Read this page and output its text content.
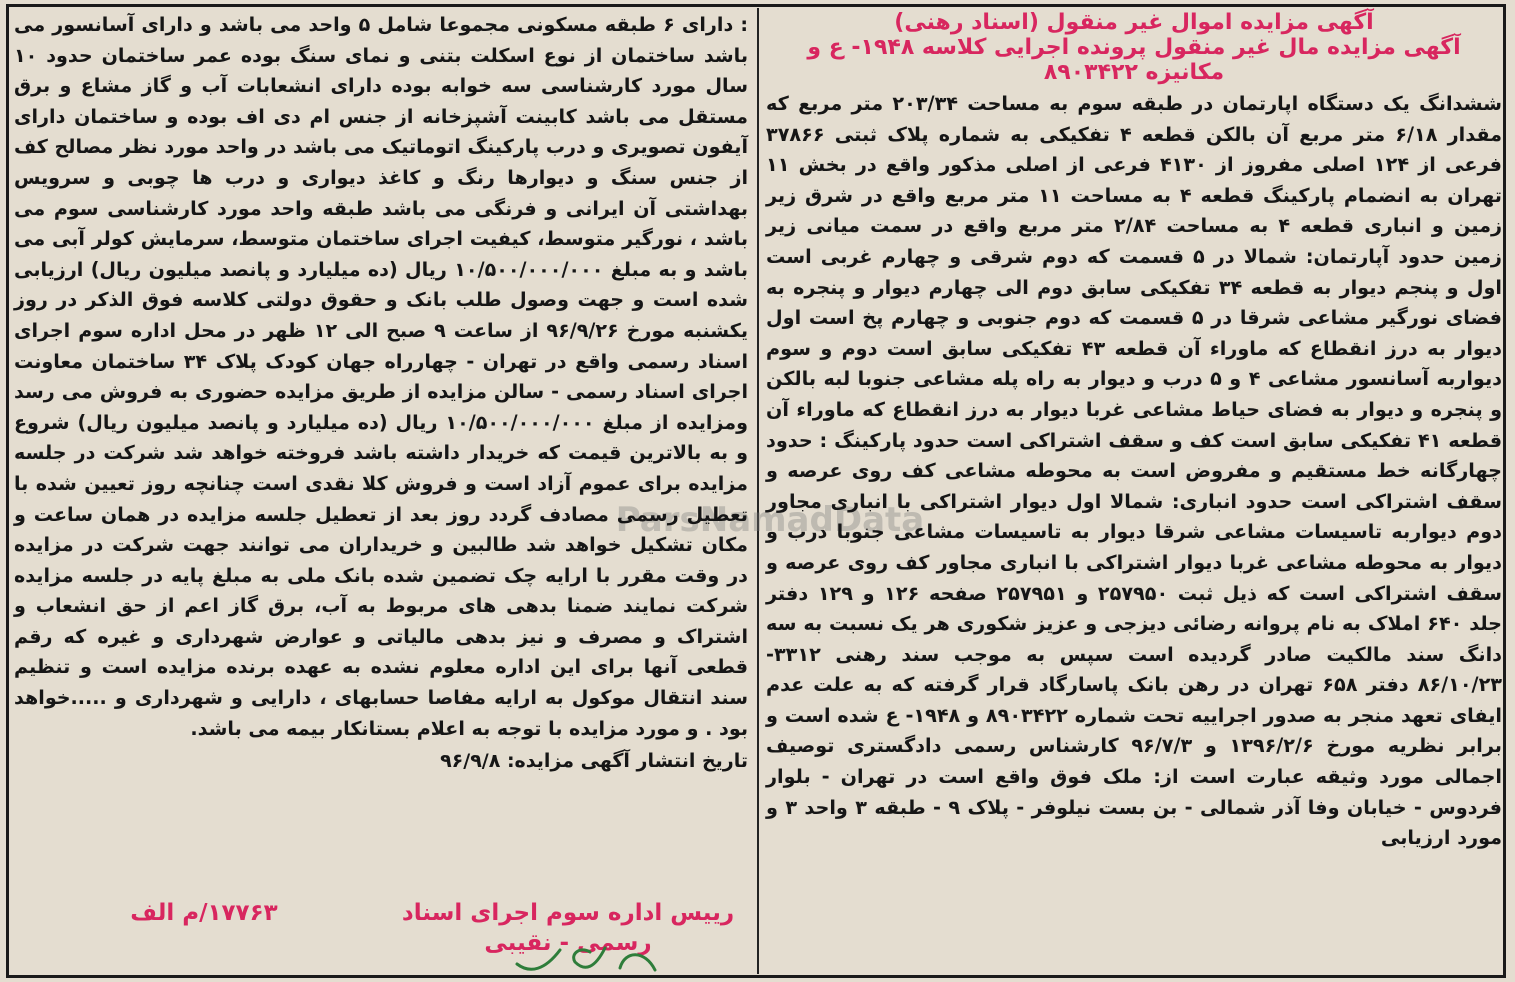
ParsNamadData

آگهی مزایده اموال غیر منقول (اسناد رهنی)

آگهی مزایده مال غیر منقول پرونده اجرایی کلاسه ۱۹۴۸- ع و

مکانیزه ۸۹۰۳۴۲۲

ششدانگ یک دستگاه اپارتمان در طبقه سوم به مساحت ۲۰۳/۳۴ متر مربع که مقدار ۶/۱۸ متر مربع آن بالکن قطعه ۴ تفکیکی به شماره پلاک ثبتی ۳۷۸۶۶ فرعی از ۱۲۴ اصلی مفروز از ۴۱۳۰ فرعی از اصلی مذکور واقع در بخش ۱۱ تهران به انضمام پارکینگ قطعه ۴ به مساحت ۱۱ متر مربع واقع در شرق زیر زمین و انباری قطعه ۴ به مساحت ۲/۸۴ متر مربع واقع در سمت میانی زیر زمین حدود آپارتمان: شمالا در ۵ قسمت که دوم شرقی و چهارم غربی است اول و پنجم دیوار به قطعه ۳۴ تفکیکی سابق دوم الی چهارم دیوار و پنجره به فضای نورگیر مشاعی شرقا در ۵ قسمت که دوم جنوبی و چهارم پخ است اول دیوار به درز انقطاع که ماوراء آن قطعه ۴۳ تفکیکی سابق است دوم و سوم دیواربه آسانسور مشاعی ۴ و ۵ درب و دیوار به راه پله مشاعی جنوبا لبه بالکن و پنجره و دیوار به فضای حیاط مشاعی غربا دیوار به درز انقطاع که ماوراء آن قطعه ۴۱ تفکیکی سابق است کف و سقف اشتراکی است حدود پارکینگ : حدود چهارگانه خط مستقیم و مفروض است به محوطه مشاعی کف روی عرصه و سقف اشتراکی است حدود انباری: شمالا اول دیوار اشتراکی با انباری مجاور دوم دیواربه تاسیسات مشاعی شرقا دیوار به تاسیسات مشاعی جنوبا درب و دیوار به محوطه مشاعی غربا دیوار اشتراکی با انباری مجاور کف روی عرصه و سقف اشتراکی است که ذیل ثبت ۲۵۷۹۵۰ و ۲۵۷۹۵۱ صفحه ۱۲۶ و ۱۲۹ دفتر جلد ۶۴۰ املاک به نام پروانه رضائی دیزجی و عزیز شکوری هر یک نسبت به سه دانگ سند مالکیت صادر گردیده است سپس به موجب سند رهنی ۳۳۱۲- ۸۶/۱۰/۲۳ دفتر ۶۵۸ تهران در رهن بانک پاسارگاد قرار گرفته که به علت عدم ایفای تعهد منجر به صدور اجراییه تحت شماره ۸۹۰۳۴۲۲ و ۱۹۴۸- ع شده است و برابر نظریه مورخ ۱۳۹۶/۲/۶ و ۹۶/۷/۳ کارشناس رسمی دادگستری توصیف اجمالی مورد وثیقه عبارت است از: ملک فوق واقع است در تهران - بلوار فردوس - خیابان وفا آذر شمالی - بن بست نیلوفر - پلاک ۹ - طبقه ۳ واحد ۳ و مورد ارزیابی

: دارای ۶ طبقه مسکونی مجموعا شامل ۵ واحد می باشد و دارای آسانسور می باشد ساختمان از نوع اسکلت بتنی و نمای سنگ بوده عمر ساختمان حدود ۱۰ سال مورد کارشناسی سه خوابه بوده دارای انشعابات آب و گاز مشاع و برق مستقل می باشد کابینت آشپزخانه از جنس ام دی اف بوده و ساختمان دارای آیفون تصویری و درب پارکینگ اتوماتیک می باشد در واحد مورد نظر مصالح کف از جنس سنگ و دیوارها رنگ و کاغذ دیواری و درب ها چوبی و سرویس بهداشتی آن ایرانی و فرنگی می باشد طبقه واحد مورد کارشناسی سوم می باشد ، نورگیر متوسط، کیفیت اجرای ساختمان متوسط، سرمایش کولر آبی می باشد و به مبلغ ۱۰/۵۰۰/۰۰۰/۰۰۰ ریال (ده میلیارد و پانصد میلیون ریال) ارزیابی شده است و جهت وصول طلب بانک و حقوق دولتی کلاسه فوق الذکر در روز یکشنبه مورخ ۹۶/۹/۲۶ از ساعت ۹ صبح الی ۱۲ ظهر در محل اداره سوم اجرای اسناد رسمی واقع در تهران - چهارراه جهان کودک پلاک ۳۴ ساختمان معاونت اجرای اسناد رسمی - سالن مزایده از طریق مزایده حضوری به فروش می رسد ومزایده از مبلغ ۱۰/۵۰۰/۰۰۰/۰۰۰ ریال (ده میلیارد و پانصد میلیون ریال) شروع و به بالاترین قیمت که خریدار داشته باشد فروخته خواهد شد شرکت در جلسه مزایده برای عموم آزاد است و فروش کلا نقدی است چنانچه روز تعیین شده با تعطیل رسمی مصادف گردد روز بعد از تعطیل جلسه مزایده در همان ساعت و مکان تشکیل خواهد شد طالبین و خریداران می توانند جهت شرکت در مزایده در وقت مقرر با ارایه چک تضمین شده بانک ملی به مبلغ پایه در جلسه مزایده شرکت نمایند ضمنا بدهی های مربوط به آب، برق گاز اعم از حق انشعاب و اشتراک و مصرف و نیز بدهی مالیاتی و عوارض شهرداری و غیره که رقم قطعی آنها برای این اداره معلوم نشده به عهده برنده مزایده است و تنظیم سند انتقال موکول به ارایه مفاصا حسابهای ، دارایی و شهرداری و .....خواهد بود . و مورد مزایده با توجه به اعلام بستانکار بیمه می باشد.

تاریخ انتشار آگهی مزایده: ۹۶/۹/۸

رییس اداره سوم اجرای اسناد
رسمی - نقیبی
۱۷۷۶۳/م الف
